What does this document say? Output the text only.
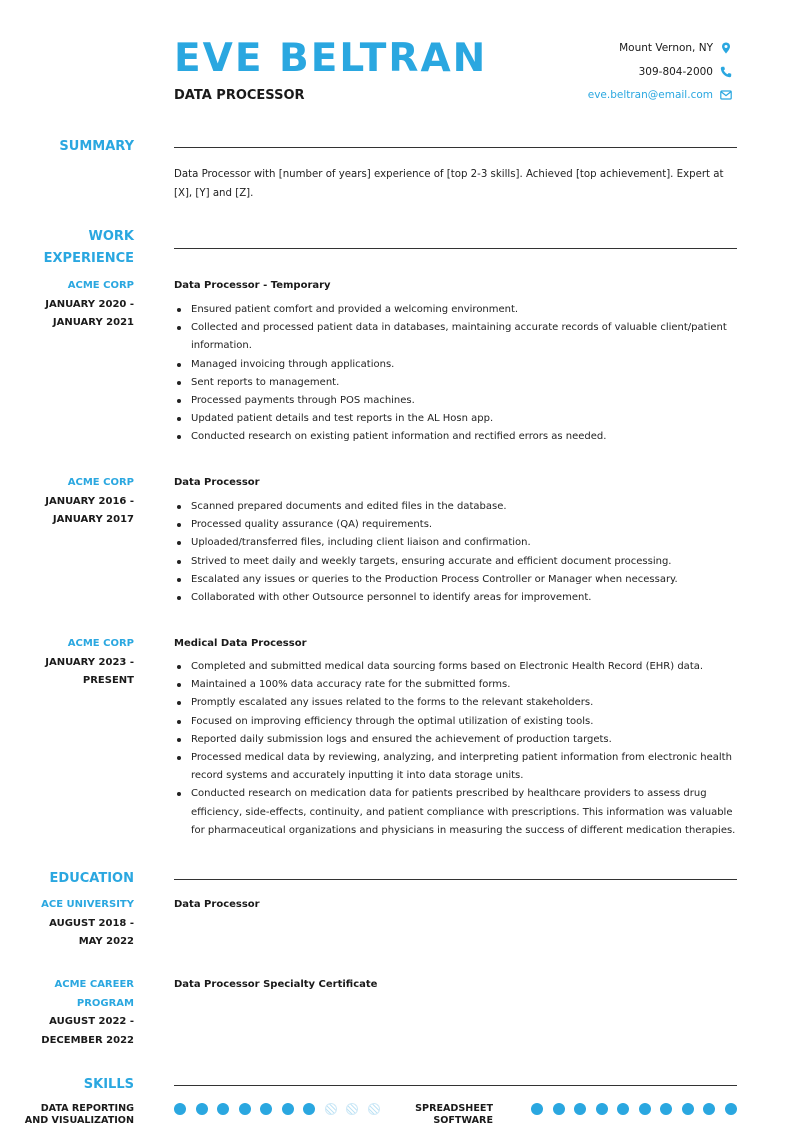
EVE BELTRAN
DATA PROCESSOR
Mount Vernon, NY
309-804-2000
eve.beltran@email.com
SUMMARY
Data Processor with [number of years] experience of [top 2-3 skills]. Achieved [top achievement]. Expert at [X], [Y] and [Z].
WORK
EXPERIENCE
ACME CORP
JANUARY 2020 -
JANUARY 2021
Data Processor - Temporary
Ensured patient comfort and provided a welcoming environment.
Collected and processed patient data in databases, maintaining accurate records of valuable client/patient information.
Managed invoicing through applications.
Sent reports to management.
Processed payments through POS machines.
Updated patient details and test reports in the AL Hosn app.
Conducted research on existing patient information and rectified errors as needed.
ACME CORP
JANUARY 2016 -
JANUARY 2017
Data Processor
Scanned prepared documents and edited files in the database.
Processed quality assurance (QA) requirements.
Uploaded/transferred files, including client liaison and confirmation.
Strived to meet daily and weekly targets, ensuring accurate and efficient document processing.
Escalated any issues or queries to the Production Process Controller or Manager when necessary.
Collaborated with other Outsource personnel to identify areas for improvement.
ACME CORP
JANUARY 2023 -
PRESENT
Medical Data Processor
Completed and submitted medical data sourcing forms based on Electronic Health Record (EHR) data.
Maintained a 100% data accuracy rate for the submitted forms.
Promptly escalated any issues related to the forms to the relevant stakeholders.
Focused on improving efficiency through the optimal utilization of existing tools.
Reported daily submission logs and ensured the achievement of production targets.
Processed medical data by reviewing, analyzing, and interpreting patient information from electronic health record systems and accurately inputting it into data storage units.
Conducted research on medication data for patients prescribed by healthcare providers to assess drug efficiency, side-effects, continuity, and patient compliance with prescriptions. This information was valuable for pharmaceutical organizations and physicians in measuring the success of different medication therapies.
EDUCATION
ACE UNIVERSITY
AUGUST 2018 -
MAY 2022
Data Processor
ACME CAREER
PROGRAM
AUGUST 2022 -
DECEMBER 2022
Data Processor Specialty Certificate
SKILLS
DATA REPORTING
AND VISUALIZATION
SPREADSHEET
SOFTWARE
